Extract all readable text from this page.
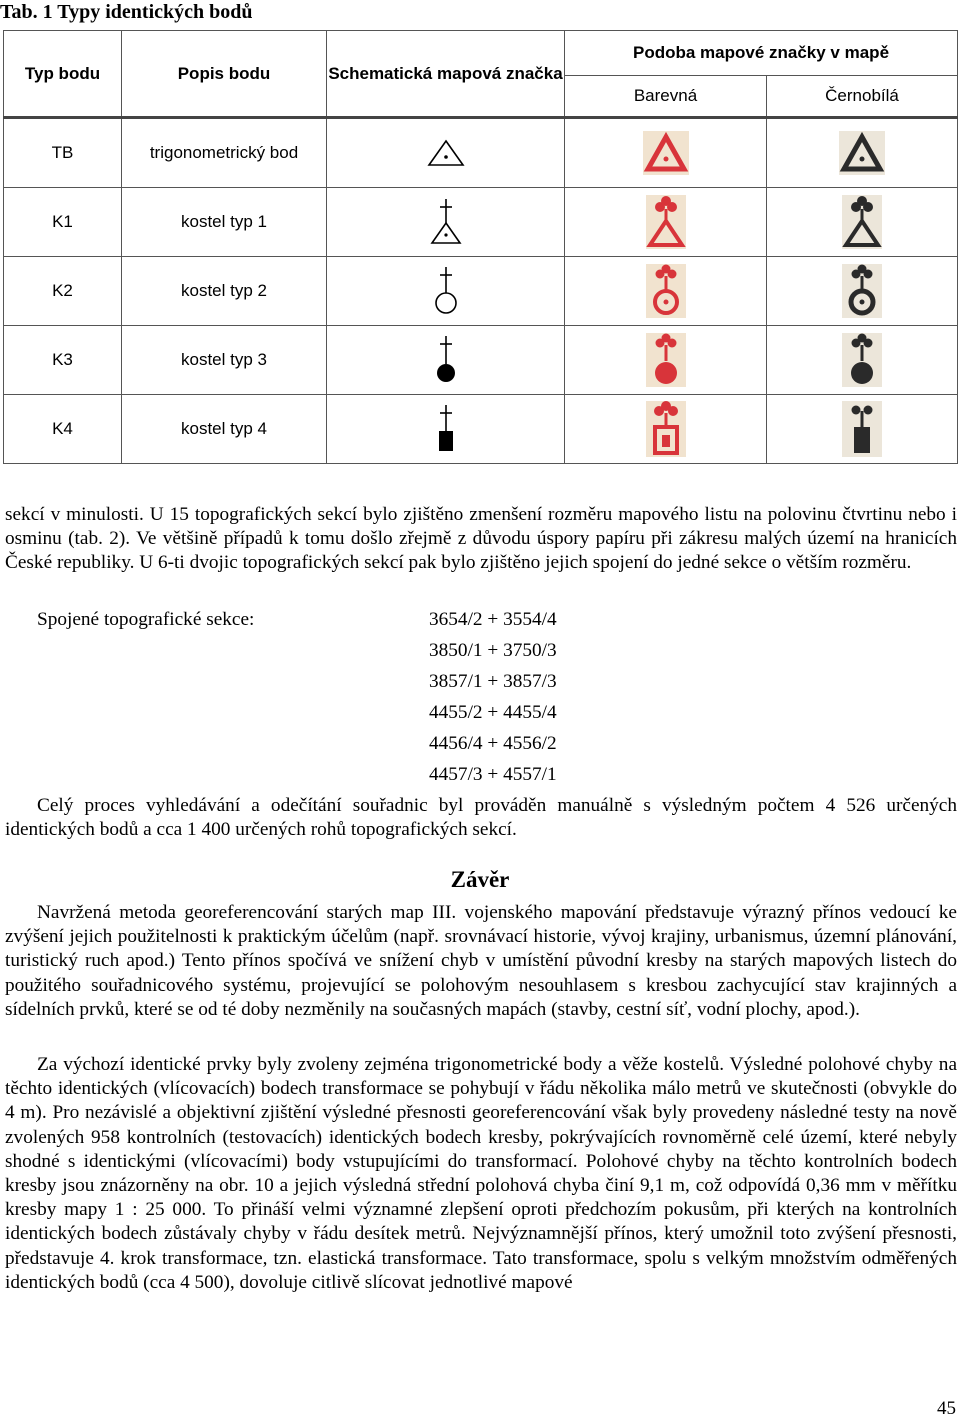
Tab. 1 Typy identických bodů
Typ bodu	Popis bodu	Schematická mapová značka	Podoba mapové značky v mapě	
			Barevná	Černobílá
TB	trigonometrický bod			
K1	kostel typ 1			
K2	kostel typ 2			
K3	kostel typ 3			
K4	kostel typ 4			

sekcí v minulosti. U 15 topografických sekcí bylo zjištěno zmenšení rozměru mapového listu na polovinu čtvrtinu nebo i osminu (tab. 2). Ve většině případů k tomu došlo zřejmě z důvodu úspory papíru při zákresu malých území na hranicích České republiky. U 6-ti dvojic topografických sekcí pak bylo zjištěno jejich spojení do jedné sekce o větším rozměru.

Spojené topografické sekce:	3654/2 + 3554/4
3850/1 + 3750/3
3857/1 + 3857/3
4455/2 + 4455/4
4456/4 + 4556/2
4457/3 + 4557/1

Celý proces vyhledávání a odečítání souřadnic byl prováděn manuálně s výsledným počtem 4 526 určených identických bodů a cca 1 400 určených rohů topografických sekcí.

Závěr

Navržená metoda georeferencování starých map III. vojenského mapování představuje výrazný přínos vedoucí ke zvýšení jejich použitelnosti k praktickým účelům (např. srovnávací historie, vývoj krajiny, urbanismus, územní plánování, turistický ruch apod.) Tento přínos spočívá ve snížení chyb v umístění původní kresby na starých mapových listech do použitého souřadnicového systému, projevující se polohovým nesouhlasem s kresbou zachycující stav krajinných a sídelních prvků, které se od té doby nezměnily na současných mapách (stavby, cestní síť, vodní plochy, apod.).

Za výchozí identické prvky byly zvoleny zejména trigonometrické body a věže kostelů. Výsledné polohové chyby na těchto identických (vlícovacích) bodech transformace se pohybují v řádu několika málo metrů ve skutečnosti (obvykle do 4 m). Pro nezávislé a objektivní zjištění výsledné přesnosti georeferencování však byly provedeny následné testy na nově zvolených 958 kontrolních (testovacích) identických bodech kresby, pokrývajících rovnoměrně celé území, které nebyly shodné s identickými (vlícovacími) body vstupujícími do transformací. Polohové chyby na těchto kontrolních bodech kresby jsou znázorněny na obr. 10 a jejich výsledná střední polohová chyba činí 9,1 m, což odpovídá 0,36 mm v měřítku kresby mapy 1 : 25 000. To přináší velmi významné zlepšení oproti předchozím pokusům, při kterých na kontrolních identických bodech zůstávaly chyby v řádu desítek metrů. Nejvýznamnější přínos, který umožnil toto zvýšení přesnosti, představuje 4. krok transformace, tzn. elastická transformace. Tato transformace, spolu s velkým množstvím odměřených identických bodů (cca 4 500), dovoluje citlivě slícovat jednotlivé mapové

45
